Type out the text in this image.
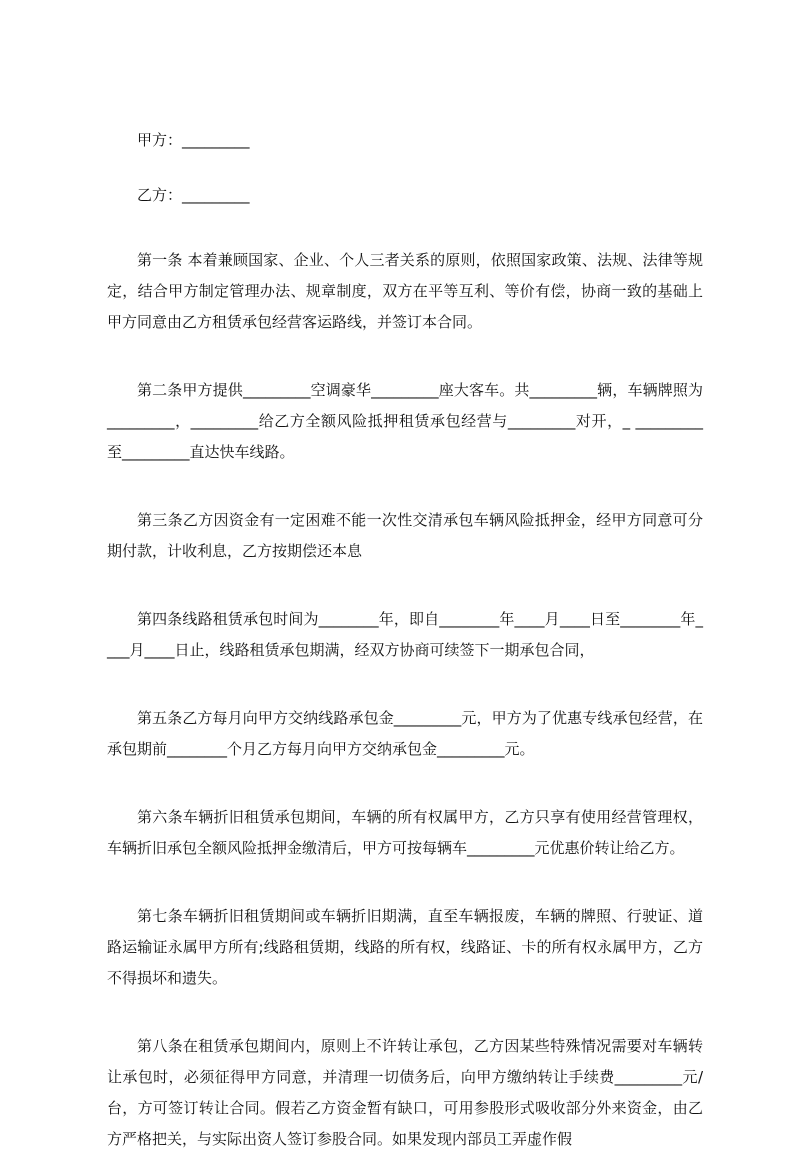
甲方：_________

乙方：_________

第一条 本着兼顾国家、企业、个人三者关系的原则，依照国家政策、法规、法律等规定，结合甲方制定管理办法、规章制度，双方在平等互利、等价有偿，协商一致的基础上甲方同意由乙方租赁承包经营客运路线，并签订本合同。

第二条甲方提供_________空调豪华_________座大客车。共_________辆，车辆牌照为_________，_________给乙方全额风险抵押租赁承包经营与_________对开，_ _________至_________直达快车线路。

第三条乙方因资金有一定困难不能一次性交清承包车辆风险抵押金，经甲方同意可分期付款，计收利息，乙方按期偿还本息

第四条线路租赁承包时间为________年，即自________年____月____日至________年____月____日止，线路租赁承包期满，经双方协商可续签下一期承包合同，

第五条乙方每月向甲方交纳线路承包金_________元，甲方为了优惠专线承包经营，在承包期前________个月乙方每月向甲方交纳承包金_________元。

第六条车辆折旧租赁承包期间，车辆的所有权属甲方，乙方只享有使用经营管理权，车辆折旧承包全额风险抵押金缴清后，甲方可按每辆车_________元优惠价转让给乙方。

第七条车辆折旧租赁期间或车辆折旧期满，直至车辆报废，车辆的牌照、行驶证、道路运输证永属甲方所有;线路租赁期，线路的所有权，线路证、卡的所有权永属甲方，乙方不得损坏和遗失。

第八条在租赁承包期间内，原则上不许转让承包，乙方因某些特殊情况需要对车辆转让承包时，必须征得甲方同意，并清理一切债务后，向甲方缴纳转让手续费_________元/台，方可签订转让合同。假若乙方资金暂有缺口，可用参股形式吸收部分外来资金，由乙方严格把关，与实际出资人签订参股合同。如果发现内部员工弄虚作假
